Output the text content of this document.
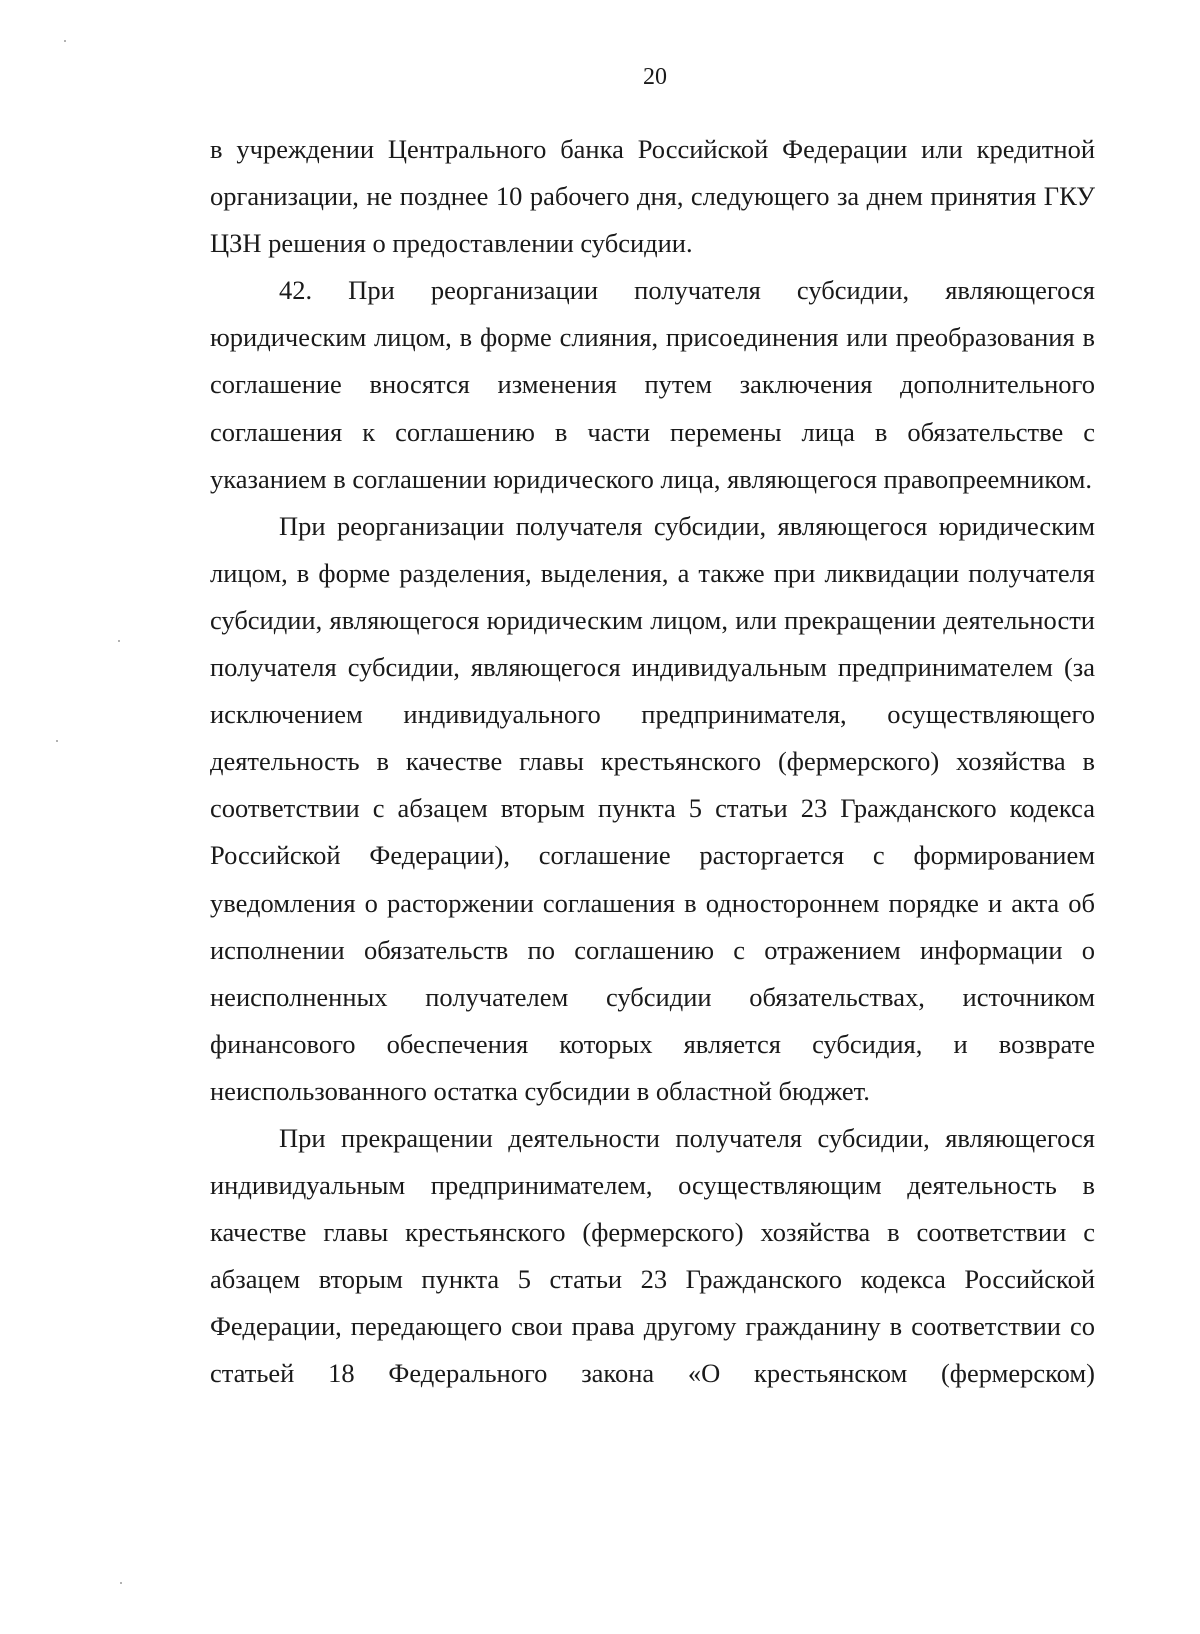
20

в учреждении Центрального банка Российской Федерации или кредитной организации, не позднее 10 рабочего дня, следующего за днем принятия ГКУ ЦЗН решения о предоставлении субсидии.

42. При реорганизации получателя субсидии, являющегося юридическим лицом, в форме слияния, присоединения или преобразования в соглашение вносятся изменения путем заключения дополнительного соглашения к соглашению в части перемены лица в обязательстве с указанием в соглашении юридического лица, являющегося правопреемником.

При реорганизации получателя субсидии, являющегося юридическим лицом, в форме разделения, выделения, а также при ликвидации получателя субсидии, являющегося юридическим лицом, или прекращении деятельности получателя субсидии, являющегося индивидуальным предпринимателем (за исключением индивидуального предпринимателя, осуществляющего деятельность в качестве главы крестьянского (фермерского) хозяйства в соответствии с абзацем вторым пункта 5 статьи 23 Гражданского кодекса Российской Федерации), соглашение расторгается с формированием уведомления о расторжении соглашения в одностороннем порядке и акта об исполнении обязательств по соглашению с отражением информации о неисполненных получателем субсидии обязательствах, источником финансового обеспечения которых является субсидия, и возврате неиспользованного остатка субсидии в областной бюджет.

При прекращении деятельности получателя субсидии, являющегося индивидуальным предпринимателем, осуществляющим деятельность в качестве главы крестьянского (фермерского) хозяйства в соответствии с абзацем вторым пункта 5 статьи 23 Гражданского кодекса Российской Федерации, передающего свои права другому гражданину в соответствии со статьей 18 Федерального закона «О крестьянском (фермерском)
